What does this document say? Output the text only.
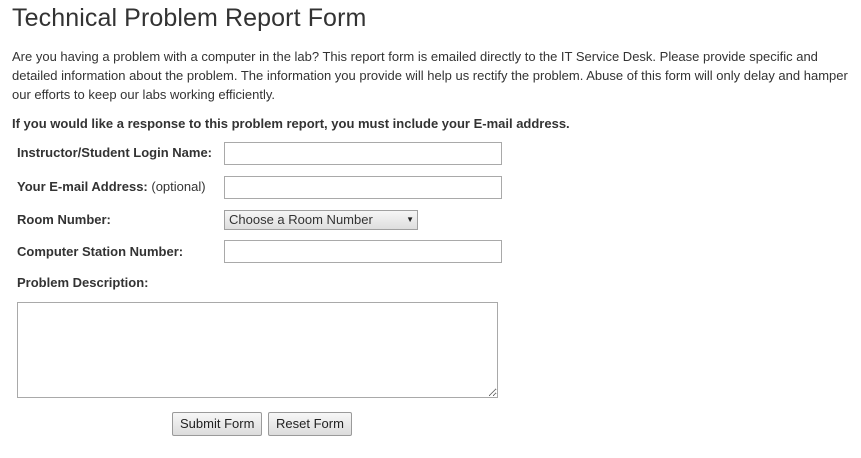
Technical Problem Report Form

Are you having a problem with a computer in the lab? This report form is emailed directly to the IT Service Desk. Please provide specific and detailed information about the problem. The information you provide will help us rectify the problem. Abuse of this form will only delay and hamper our efforts to keep our labs working efficiently.

If you would like a response to this problem report, you must include your E-mail address.

Instructor/Student Login Name:
Your E-mail Address: (optional)
Room Number:	Choose a Room Number	▼
Computer Station Number:
Problem Description:
Submit Form	Reset Form
